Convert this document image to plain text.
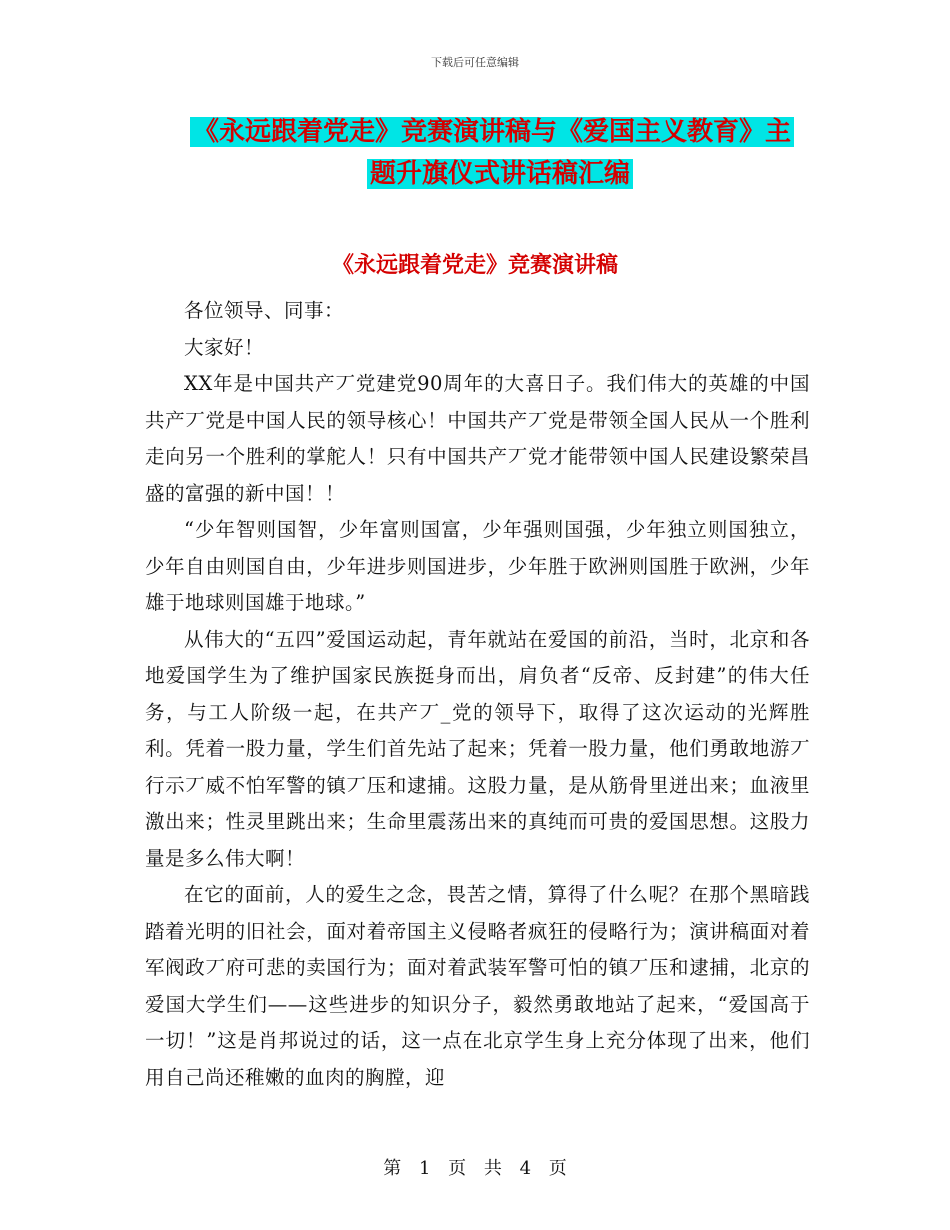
下载后可任意编辑
《永远跟着党走》竞赛演讲稿与《爱国主义教育》主
题升旗仪式讲话稿汇编
《永远跟着党走》竞赛演讲稿

各位领导、同事：

大家好！

XX年是中国共产丆党建党90周年的大喜日子。我们伟大的英雄的中国共产丆党是中国人民的领导核心！中国共产丆党是带领全国人民从一个胜利走向另一个胜利的掌舵人！只有中国共产丆党才能带领中国人民建设繁荣昌盛的富强的新中国！！

“少年智则国智，少年富则国富，少年强则国强，少年独立则国独立，少年自由则国自由，少年进步则国进步，少年胜于欧洲则国胜于欧洲，少年雄于地球则国雄于地球。”

从伟大的“五四”爱国运动起，青年就站在爱国的前沿，当时，北京和各地爱国学生为了维护国家民族挺身而出，肩负者“反帝、反封建”的伟大任务，与工人阶级一起，在共产丆_党的领导下，取得了这次运动的光辉胜利。凭着一股力量，学生们首先站了起来；凭着一股力量，他们勇敢地游丆行示丆威不怕军警的镇丆压和逮捕。这股力量，是从筋骨里迸出来；血液里激出来；性灵里跳出来；生命里震荡出来的真纯而可贵的爱国思想。这股力量是多么伟大啊！

在它的面前，人的爱生之念，畏苦之情，算得了什么呢？在那个黑暗践踏着光明的旧社会，面对着帝国主义侵略者疯狂的侵略行为；演讲稿面对着军阀政丆府可悲的卖国行为；面对着武装军警可怕的镇丆压和逮捕，北京的爱国大学生们——这些进步的知识分子，毅然勇敢地站了起来，“爱国高于一切！”这是肖邦说过的话，这一点在北京学生身上充分体现了出来，他们用自己尚还稚嫩的血肉的胸膛，迎

第 1 页 共 4 页
